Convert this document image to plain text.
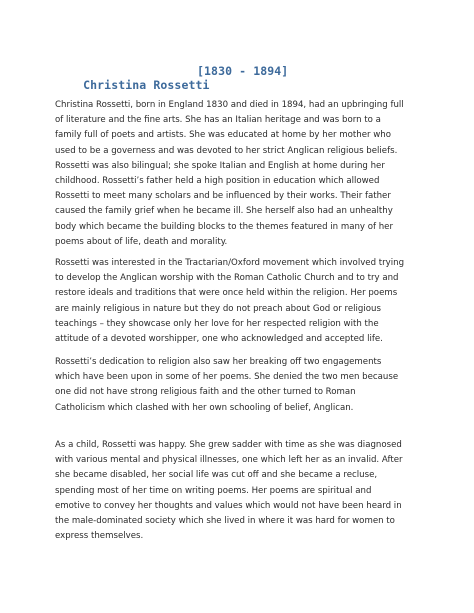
Christina Rossetti

[1830 - 1894]

Christina Rossetti, born in England 1830 and died in 1894, had an upbringing full of literature and the fine arts. She has an Italian heritage and was born to a family full of poets and artists. She was educated at home by her mother who used to be a governess and was devoted to her strict Anglican religious beliefs. Rossetti was also bilingual; she spoke Italian and English at home during her childhood. Rossetti’s father held a high position in education which allowed Rossetti to meet many scholars and be influenced by their works. Their father caused the family grief when he became ill. She herself also had an unhealthy body which became the building blocks to the themes featured in many of her poems about of life, death and morality.

Rossetti was interested in the Tractarian/Oxford movement which involved trying to develop the Anglican worship with the Roman Catholic Church and to try and restore ideals and traditions that were once held within the religion. Her poems are mainly religious in nature but they do not preach about God or religious teachings – they showcase only her love for her respected religion with the attitude of a devoted worshipper, one who acknowledged and accepted life.

Rossetti’s dedication to religion also saw her breaking off two engagements which have been upon in some of her poems. She denied the two men because one did not have strong religious faith and the other turned to Roman Catholicism which clashed with her own schooling of belief, Anglican.

As a child, Rossetti was happy. She grew sadder with time as she was diagnosed with various mental and physical illnesses, one which left her as an invalid. After she became disabled, her social life was cut off and she became a recluse, spending most of her time on writing poems. Her poems are spiritual and emotive to convey her thoughts and values which would not have been heard in the male-dominated society which she lived in where it was hard for women to express themselves.
